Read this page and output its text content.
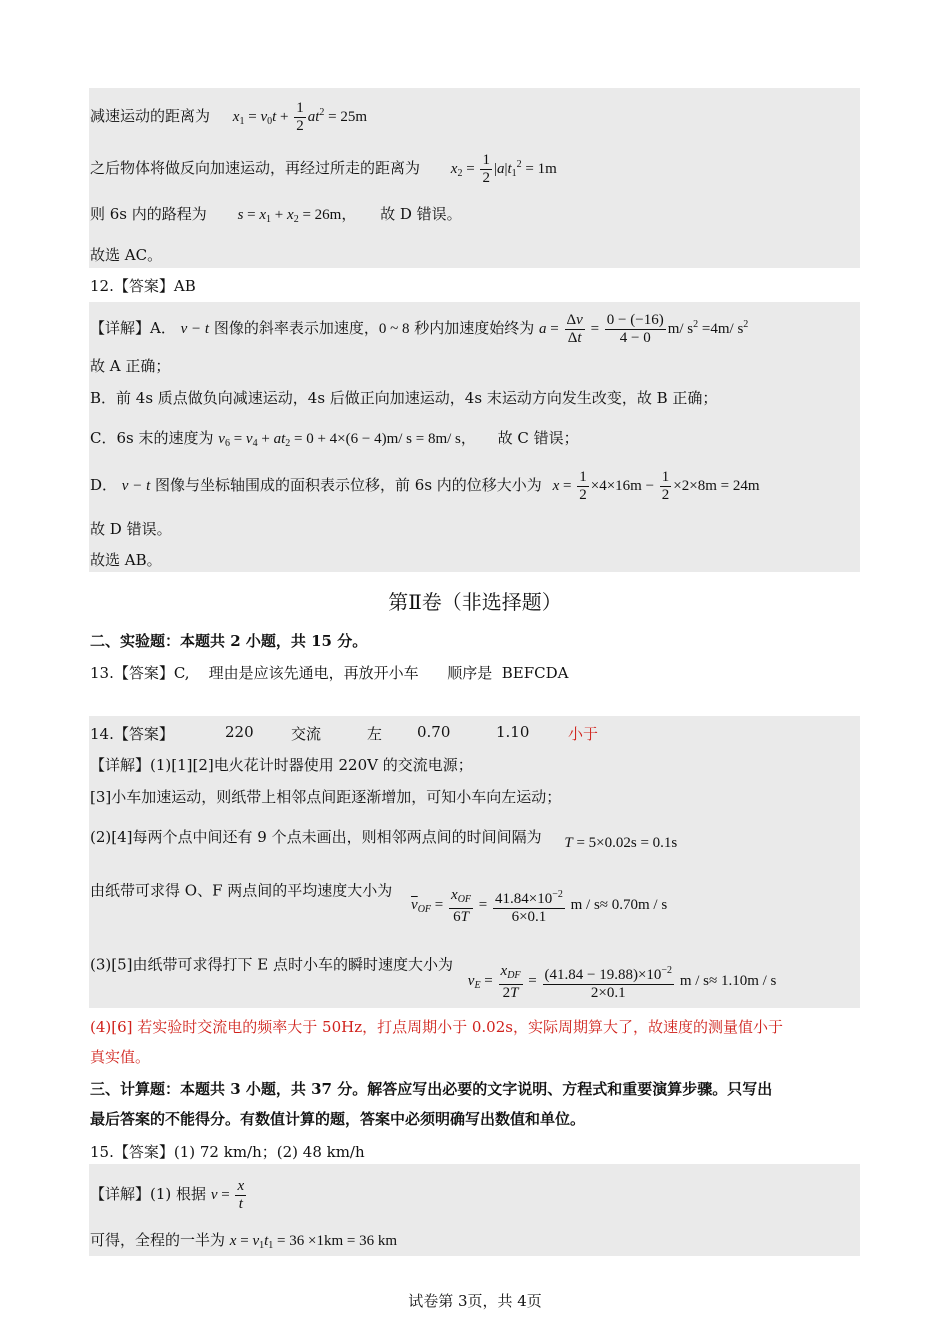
减速运动的距离为 $x_1 = v_0t + \frac{1}{2} at^2 = 25m$
之后物体将做反向加速运动，再经过所走的距离为 $x_2 = \frac{1}{2} |a|t_1^2 = 1m$
则 6s 内的路程为 $s = x_1 + x_2 = 26m$， 故 D 错误。
故选 AC。
12.【答案】AB
【详解】A． v − t 图像的斜率表示加速度，0 ~ 8 秒内加速度始终为 $a = \frac{\Delta v}{\Delta t} = \frac{0 - (-16)}{4 - 0} m/$ $s^2 =4m/$ $s^2$
故 A 正确；
B．前 4s 质点做负向减速运动，4s 后做正向加速运动，4s 末运动方向发生改变，故 B 正确；
C．6s 末的速度为 $v_6 = v_4 + at_2 = 0 + 4\times(6 - 4)m/$ s = 8m/ s， 故 C 错误；
D． v − t 图像与坐标轴围成的面积表示位移，前 6s 内的位移大小为 $x = \frac{1}{2} \times 4\times 16m - \frac{1}{2} \times 2\times 8m = 24m$
故 D 错误。
故选 AB。
第Ⅱ卷（非选择题）
二、实验题：本题共 2 小题，共 15 分。
13.【答案】C,    理由是应该先通电，再放开小车      顺序是  BEFCDA
14.【答案】	220 交流	左 0.70	1.10	小于
【详解】(1)[1][2]电火花计时器使用 220V 的交流电源；
[3]小车加速运动，则纸带上相邻点间距逐渐增加，可知小车向左运动；
(2)[4]每两个点中间还有 9 个点未画出，则相邻两点间的时间间隔为 T = 5×0.02s = 0.1s
由纸带可求得 O、F 两点间的平均速度大小为 $\overline{v}_{OF} = \frac{x_{OF}}{6T} = \frac{41.84\times 10^{-2}}{6\times 0.1}$ m / s≈ 0.70m / s
(3)[5]由纸带可求得打下 E 点时小车的瞬时速度大小为 $v_E = \frac{x_{DF}}{2T} = \frac{(41.84 - 19.88)\times 10^{-2}}{2\times 0.1}$ m / s≈ 1.10m / s
(4)[6] 若实验时交流电的频率大于 50Hz，打点周期小于 0.02s，实际周期算大了，故速度的测量值小于
真实值。
三、计算题：本题共 3 小题，共 37 分。解答应写出必要的文字说明、方程式和重要演算步骤。只写出
最后答案的不能得分。有数值计算的题，答案中必须明确写出数值和单位。
15.【答案】(1) 72 km/h；(2) 48 km/h
【详解】(1) 根据 $v = \frac{x}{t}$
可得，全程的一半为 $x = v_1t_1 = 36 \times 1km = 36$ km
试卷第 3页，共 4页
